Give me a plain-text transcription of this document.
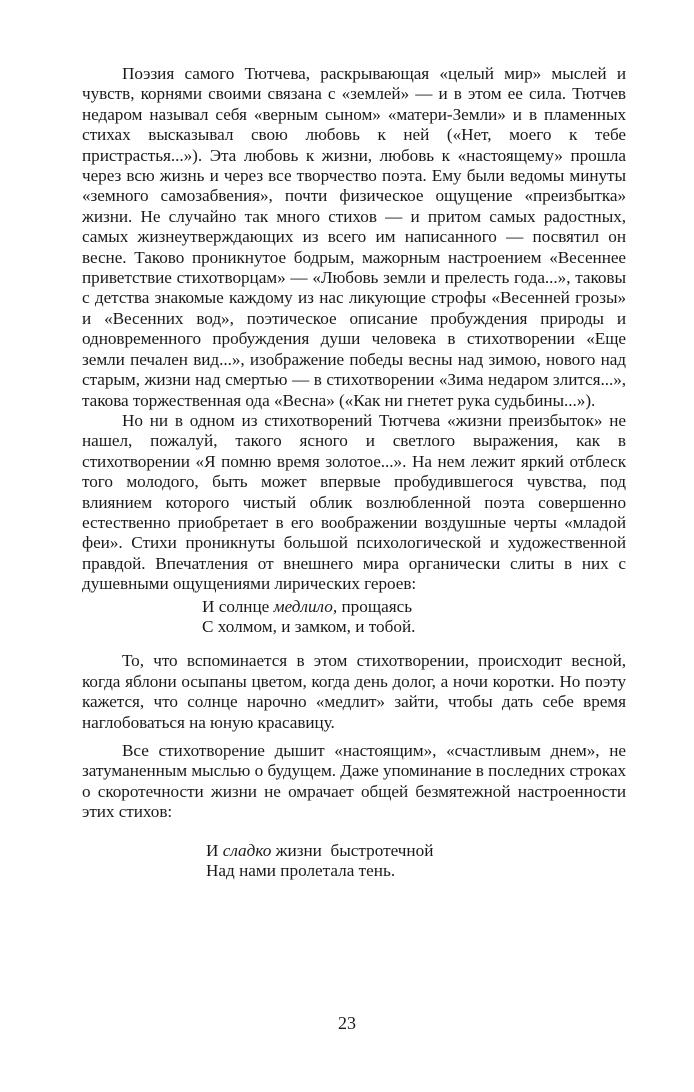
Поэзия самого Тютчева, раскрывающая «целый мир» мыслей и чувств, корнями своими связана с «землей» — и в этом ее сила. Тютчев недаром называл себя «верным сыном» «матери-Земли» и в пламенных стихах высказывал свою любовь к ней («Нет, моего к тебе пристрастья...»). Эта любовь к жизни, любовь к «настоящему» прошла через всю жизнь и через все творчество поэта. Ему были ведомы минуты «земного самозабвения», почти физическое ощущение «преизбытка» жизни. Не случайно так много стихов — и притом самых радостных, самых жизнеутверждающих из всего им написанного — посвятил он весне. Таково проникнутое бодрым, мажорным настроением «Весеннее приветствие стихотворцам» — «Любовь земли и прелесть года...», таковы с детства знакомые каждому из нас ликующие строфы «Весенней грозы» и «Весенних вод», поэтическое описание пробуждения природы и одновременного пробуждения души человека в стихотворении «Еще земли печален вид...», изображение победы весны над зимою, нового над старым, жизни над смертью — в стихотворении «Зима недаром злится...», такова торжественная ода «Весна» («Как ни гнетет рука судьбины...»).

Но ни в одном из стихотворений Тютчева «жизни преизбыток» не нашел, пожалуй, такого ясного и светлого выражения, как в стихотворении «Я помню время золотое...». На нем лежит яркий отблеск того молодого, быть может впервые пробудившегося чувства, под влиянием которого чистый облик возлюбленной поэта совершенно естественно приобретает в его воображении воздушные черты «младой феи». Стихи проникнуты большой психологической и художественной правдой. Впечатления от внешнего мира органически слиты в них с душевными ощущениями лирических героев:

И солнце медлило, прощаясь
С холмом, и замком, и тобой.

То, что вспоминается в этом стихотворении, происходит весной, когда яблони осыпаны цветом, когда день долог, а ночи коротки. Но поэту кажется, что солнце нарочно «медлит» зайти, чтобы дать себе время наглобоваться на юную красавицу.

Все стихотворение дышит «настоящим», «счастливым днем», не затуманенным мыслью о будущем. Даже упоминание в последних строках о скоротечности жизни не омрачает общей безмятежной настроенности этих стихов:

И сладко жизни  быстротечной
Над нами пролетала тень.
23
